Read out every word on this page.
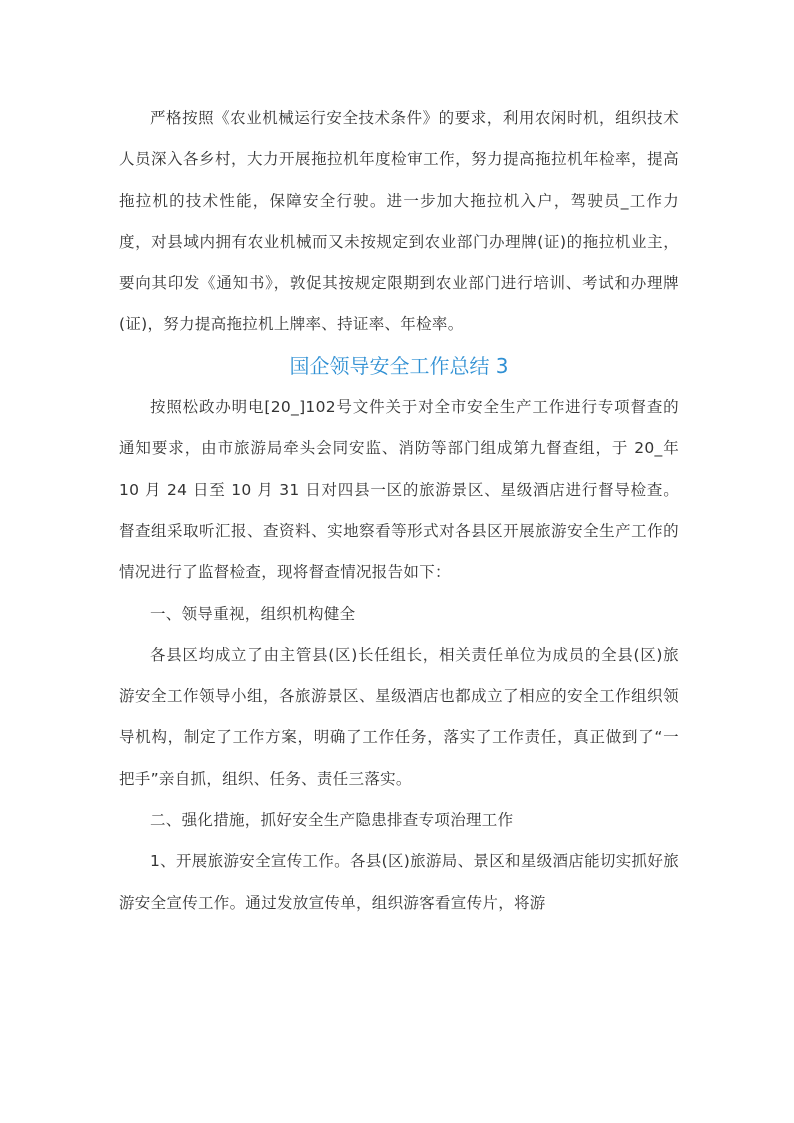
严格按照《农业机械运行安全技术条件》的要求，利用农闲时机，组织技术人员深入各乡村，大力开展拖拉机年度检审工作，努力提高拖拉机年检率，提高拖拉机的技术性能，保障安全行驶。进一步加大拖拉机入户，驾驶员_工作力度，对县域内拥有农业机械而又未按规定到农业部门办理牌(证)的拖拉机业主，要向其印发《通知书》，敦促其按规定限期到农业部门进行培训、考试和办理牌(证)，努力提高拖拉机上牌率、持证率、年检率。

国企领导安全工作总结 3

按照松政办明电[20_]102号文件关于对全市安全生产工作进行专项督查的通知要求，由市旅游局牵头会同安监、消防等部门组成第九督查组，于 20_年 10 月 24 日至 10 月 31 日对四县一区的旅游景区、星级酒店进行督导检查。督查组采取听汇报、查资料、实地察看等形式对各县区开展旅游安全生产工作的情况进行了监督检查，现将督查情况报告如下：

一、领导重视，组织机构健全

各县区均成立了由主管县(区)长任组长，相关责任单位为成员的全县(区)旅游安全工作领导小组，各旅游景区、星级酒店也都成立了相应的安全工作组织领导机构，制定了工作方案，明确了工作任务，落实了工作责任，真正做到了“一把手”亲自抓，组织、任务、责任三落实。

二、强化措施，抓好安全生产隐患排查专项治理工作

1、开展旅游安全宣传工作。各县(区)旅游局、景区和星级酒店能切实抓好旅游安全宣传工作。通过发放宣传单，组织游客看宣传片，将游
